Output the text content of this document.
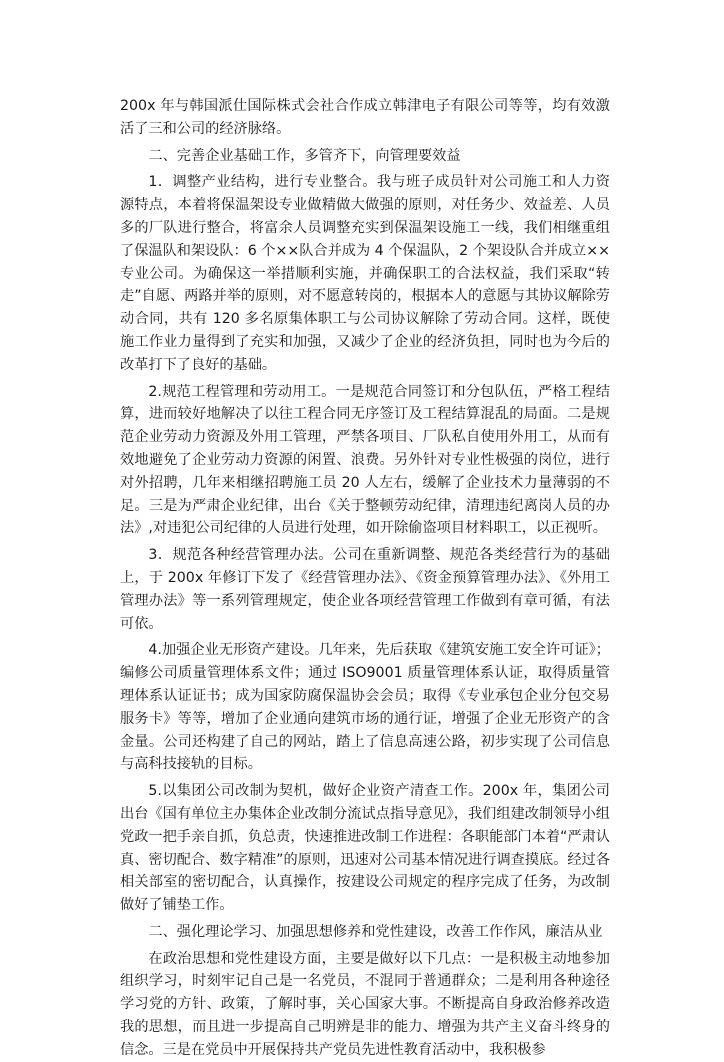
200x 年与韩国派仕国际株式会社合作成立韩津电子有限公司等等，均有效激活了三和公司的经济脉络。

二、完善企业基础工作，多管齐下，向管理要效益

1．调整产业结构，进行专业整合。我与班子成员针对公司施工和人力资源特点，本着将保温架设专业做精做大做强的原则，对任务少、效益差、人员多的厂队进行整合，将富余人员调整充实到保温架设施工一线，我们相继重组了保温队和架设队：6 个××队合并成为 4 个保温队，2 个架设队合并成立××专业公司。为确保这一举措顺利实施，并确保职工的合法权益，我们采取“转走”自愿、两路并举的原则，对不愿意转岗的，根据本人的意愿与其协议解除劳动合同，共有 120 多名原集体职工与公司协议解除了劳动合同。这样，既使施工作业力量得到了充实和加强，又减少了企业的经济负担，同时也为今后的改革打下了良好的基础。

2.规范工程管理和劳动用工。一是规范合同签订和分包队伍，严格工程结算，进而较好地解决了以往工程合同无序签订及工程结算混乱的局面。二是规范企业劳动力资源及外用工管理，严禁各项目、厂队私自使用外用工，从而有效地避免了企业劳动力资源的闲置、浪费。另外针对专业性极强的岗位，进行对外招聘，几年来相继招聘施工员 20 人左右，缓解了企业技术力量薄弱的不足。三是为严肃企业纪律，出台《关于整顿劳动纪律，清理违纪离岗人员的办法》,对违犯公司纪律的人员进行处理，如开除偷盗项目材料职工，以正视听。

3．规范各种经营管理办法。公司在重新调整、规范各类经营行为的基础上，于 200x 年修订下发了《经营管理办法》、《资金预算管理办法》、《外用工管理办法》等一系列管理规定，使企业各项经营管理工作做到有章可循，有法可依。

4.加强企业无形资产建设。几年来，先后获取《建筑安施工安全许可证》；编修公司质量管理体系文件；通过 ISO9001 质量管理体系认证，取得质量管理体系认证证书；成为国家防腐保温协会会员；取得《专业承包企业分包交易服务卡》等等，增加了企业通向建筑市场的通行证，增强了企业无形资产的含金量。公司还构建了自己的网站，踏上了信息高速公路，初步实现了公司信息与高科技接轨的目标。

5.以集团公司改制为契机，做好企业资产清查工作。200x 年，集团公司出台《国有单位主办集体企业改制分流试点指导意见》，我们组建改制领导小组党政一把手亲自抓，负总责，快速推进改制工作进程：各职能部门本着“严肃认真、密切配合、数字精准”的原则，迅速对公司基本情况进行调查摸底。经过各相关部室的密切配合，认真操作，按建设公司规定的程序完成了任务，为改制做好了铺垫工作。

二、强化理论学习、加强思想修养和党性建设，改善工作作风，廉洁从业

在政治思想和党性建设方面，主要是做好以下几点：一是积极主动地参加组织学习，时刻牢记自己是一名党员，不混同于普通群众；二是利用各种途径学习党的方针、政策，了解时事，关心国家大事。不断提高自身政治修养改造我的思想，而且进一步提高自己明辨是非的能力、增强为共产主义奋斗终身的信念。三是在党员中开展保持共产党员先进性教育活动中，我积极参
